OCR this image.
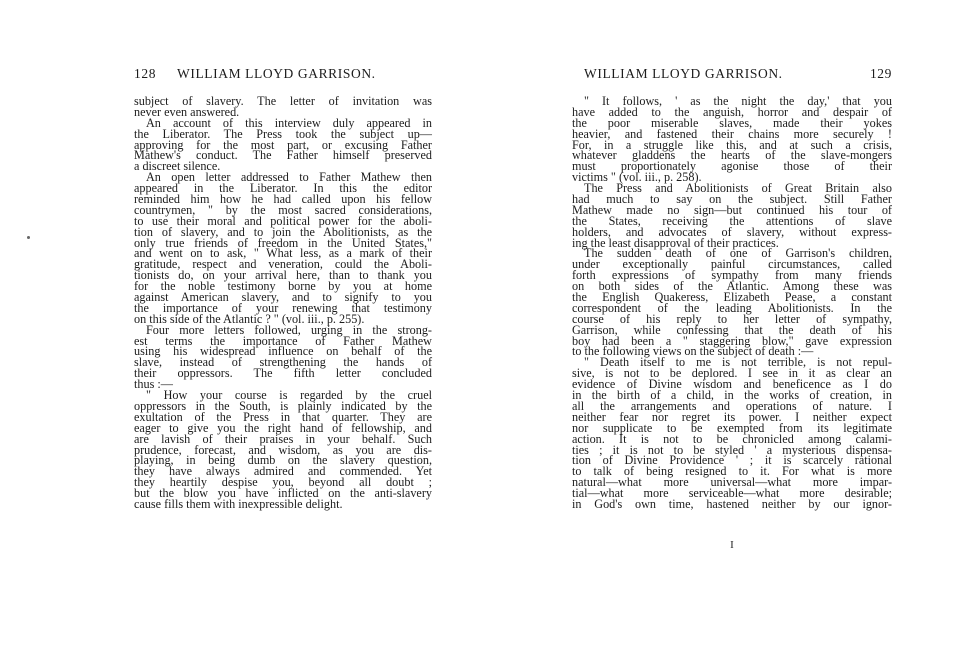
128 WILLIAM LLOYD GARRISON.
subject of slavery. The letter of invitation was
never even answered.
An account of this interview duly appeared in
the Liberator. The Press took the subject up—
approving for the most part, or excusing Father
Mathew's conduct. The Father himself preserved
a discreet silence.
An open letter addressed to Father Mathew then
appeared in the Liberator. In this the editor
reminded him how he had called upon his fellow
countrymen, " by the most sacred considerations,
to use their moral and political power for the aboli-
tion of slavery, and to join the Abolitionists, as the
only true friends of freedom in the United States,"
and went on to ask, " What less, as a mark of their
gratitude, respect and veneration, could the Aboli-
tionists do, on your arrival here, than to thank you
for the noble testimony borne by you at home
against American slavery, and to signify to you
the importance of your renewing that testimony
on this side of the Atlantic ? " (vol. iii., p. 255).
Four more letters followed, urging in the strong-
est terms the importance of Father Mathew
using his widespread influence on behalf of the
slave, instead of strengthening the hands of
their oppressors. The fifth letter concluded
thus :—
" How your course is regarded by the cruel
oppressors in the South, is plainly indicated by the
exultation of the Press in that quarter. They are
eager to give you the right hand of fellowship, and
are lavish of their praises in your behalf. Such
prudence, forecast, and wisdom, as you are dis-
playing, in being dumb on the slavery question,
they have always admired and commended. Yet
they heartily despise you, beyond all doubt ;
but the blow you have inflicted on the anti-slavery
cause fills them with inexpressible delight.
WILLIAM LLOYD GARRISON.	129
" It follows, ' as the night the day,' that you
have added to the anguish, horror and despair of
the poor miserable slaves, made their yokes
heavier, and fastened their chains more securely !
For, in a struggle like this, and at such a crisis,
whatever gladdens the hearts of the slave-mongers
must proportionately agonise those of their
victims " (vol. iii., p. 258).
The Press and Abolitionists of Great Britain also
had much to say on the subject. Still Father
Mathew made no sign—but continued his tour of
the States, receiving the attentions of slave
holders, and advocates of slavery, without express-
ing the least disapproval of their practices.
The sudden death of one of Garrison's children,
under exceptionally painful circumstances, called
forth expressions of sympathy from many friends
on both sides of the Atlantic. Among these was
the English Quakeress, Elizabeth Pease, a constant
correspondent of the leading Abolitionists. In the
course of his reply to her letter of sympathy,
Garrison, while confessing that the death of his
boy had been a " staggering blow," gave expression
to the following views on the subject of death :—
" Death itself to me is not terrible, is not repul-
sive, is not to be deplored. I see in it as clear an
evidence of Divine wisdom and beneficence as I do
in the birth of a child, in the works of creation, in
all the arrangements and operations of nature. I
neither fear nor regret its power. I neither expect
nor supplicate to be exempted from its legitimate
action. It is not to be chronicled among calami-
ties ; it is not to be styled ' a mysterious dispensa-
tion of Divine Providence ' ; it is scarcely rational
to talk of being resigned to it. For what is more
natural—what more universal—what more impar-
tial—what more serviceable—what more desirable;
in God's own time, hastened neither by our ignor-
I
